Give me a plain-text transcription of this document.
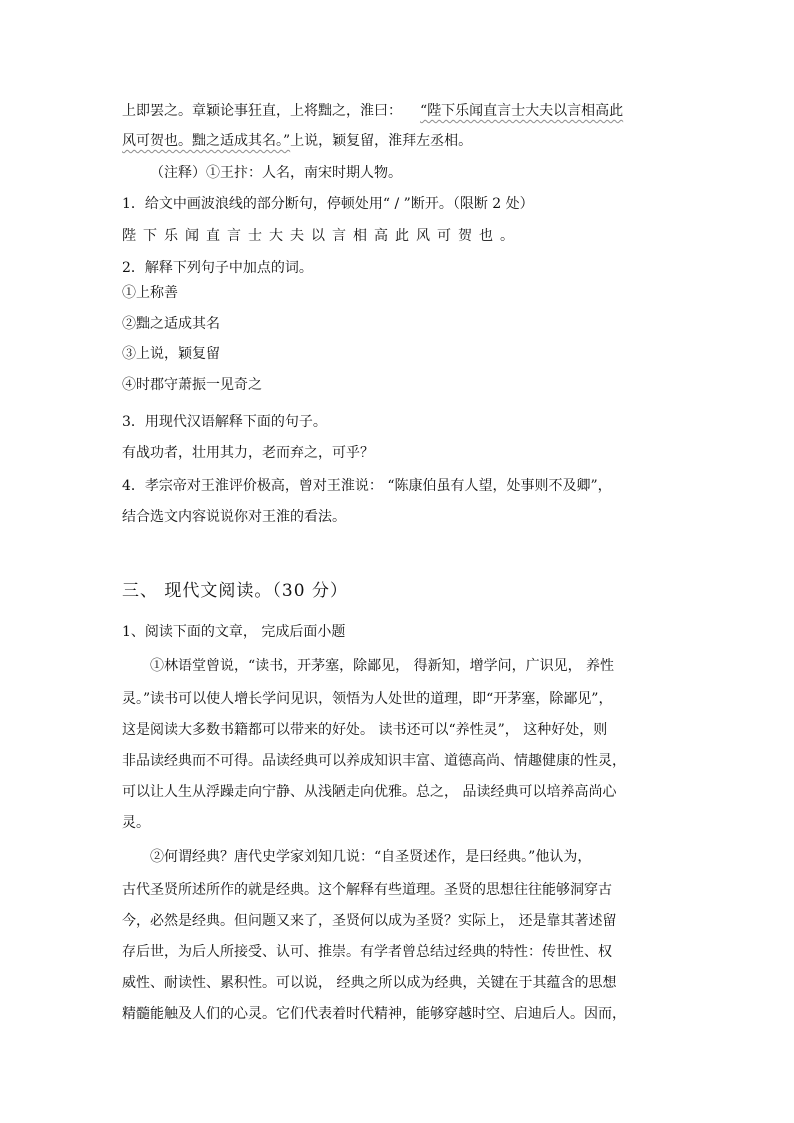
上即罢之。章颖论事狂直，上将黜之，淮曰： “陛下乐闻直言士大夫以言相高此
风可贺也。黜之适成其名。”上说，颖复留，淮拜左丞相。
（注释）①王抃：人名，南宋时期人物。
1．给文中画波浪线的部分断句，停顿处用“ / ”断开。（限断 2 处）
陛下乐闻直言士大夫以言相高此风可贺也。
2．解释下列句子中加点的词。
①上称善
②黜之适成其名
③上说，颖复留
④时郡守萧振一见奇之
3．用现代汉语解释下面的句子。
有战功者，壮用其力，老而弃之，可乎？
4．孝宗帝对王淮评价极高，曾对王淮说： “陈康伯虽有人望，处事则不及卿”，
结合选文内容说说你对王淮的看法。
三、 现代文阅读。（30 分）
1、阅读下面的文章， 完成后面小题
①林语堂曾说，“读书，开茅塞，除鄙见， 得新知，增学问，广识见， 养性
灵。”读书可以使人增长学问见识，领悟为人处世的道理，即“开茅塞，除鄙见”，
这是阅读大多数书籍都可以带来的好处。 读书还可以“养性灵”， 这种好处，则
非品读经典而不可得。品读经典可以养成知识丰富、道德高尚、情趣健康的性灵，
可以让人生从浮躁走向宁静、从浅陋走向优雅。总之， 品读经典可以培养高尚心
灵。
②何谓经典？唐代史学家刘知几说：“自圣贤述作，是曰经典。”他认为，
古代圣贤所述所作的就是经典。这个解释有些道理。圣贤的思想往往能够洞穿古
今，必然是经典。但问题又来了，圣贤何以成为圣贤？实际上， 还是靠其著述留
存后世，为后人所接受、认可、推崇。有学者曾总结过经典的特性：传世性、权
威性、耐读性、累积性。可以说， 经典之所以成为经典，关键在于其蕴含的思想
精髓能触及人们的心灵。它们代表着时代精神，能够穿越时空、启迪后人。因而，
